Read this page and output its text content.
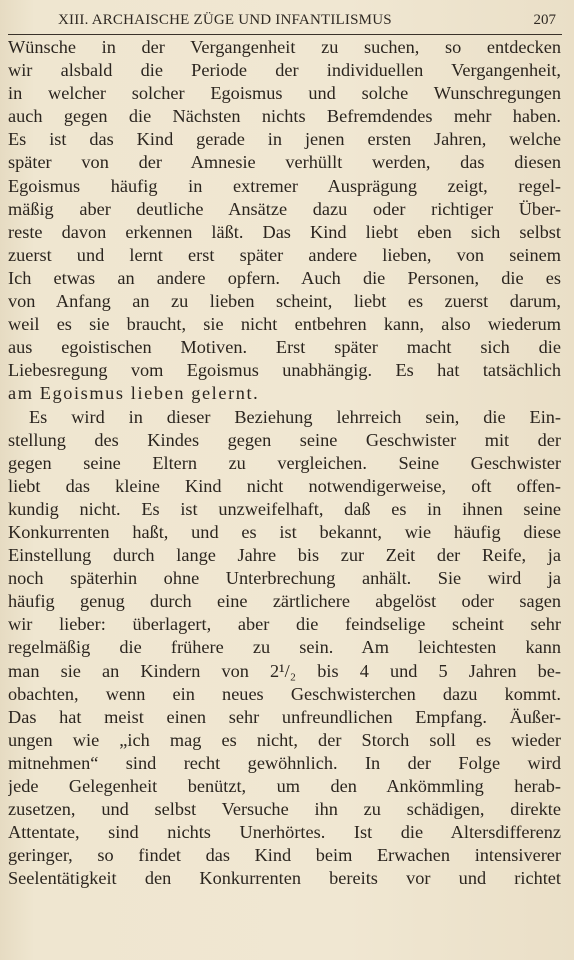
XIII. ARCHAISCHE ZÜGE UND INFANTILISMUS	207
Wünsche in der Vergangenheit zu suchen, so entdecken
wir alsbald die Periode der individuellen Vergangenheit,
in welcher solcher Egoismus und solche Wunschregungen
auch gegen die Nächsten nichts Befremdendes mehr haben.
Es ist das Kind gerade in jenen ersten Jahren, welche
später von der Amnesie verhüllt werden, das diesen
Egoismus häufig in extremer Ausprägung zeigt, regel-
mäßig aber deutliche Ansätze dazu oder richtiger Über-
reste davon erkennen läßt. Das Kind liebt eben sich selbst
zuerst und lernt erst später andere lieben, von seinem
Ich etwas an andere opfern. Auch die Personen, die es
von Anfang an zu lieben scheint, liebt es zuerst darum,
weil es sie braucht, sie nicht entbehren kann, also wiederum
aus egoistischen Motiven. Erst später macht sich die
Liebesregung vom Egoismus unabhängig. Es hat tatsächlich
am Egoismus lieben gelernt.
Es wird in dieser Beziehung lehrreich sein, die Ein-
stellung des Kindes gegen seine Geschwister mit der
gegen seine Eltern zu vergleichen. Seine Geschwister
liebt das kleine Kind nicht notwendigerweise, oft offen-
kundig nicht. Es ist unzweifelhaft, daß es in ihnen seine
Konkurrenten haßt, und es ist bekannt, wie häufig diese
Einstellung durch lange Jahre bis zur Zeit der Reife, ja
noch späterhin ohne Unterbrechung anhält. Sie wird ja
häufig genug durch eine zärtlichere abgelöst oder sagen
wir lieber: überlagert, aber die feindselige scheint sehr
regelmäßig die frühere zu sein. Am leichtesten kann
man sie an Kindern von 2¹/₂ bis 4 und 5 Jahren be-
obachten, wenn ein neues Geschwisterchen dazu kommt.
Das hat meist einen sehr unfreundlichen Empfang. Äußer-
ungen wie „ich mag es nicht, der Storch soll es wieder
mitnehmen“ sind recht gewöhnlich. In der Folge wird
jede Gelegenheit benützt, um den Ankömmling herab-
zusetzen, und selbst Versuche ihn zu schädigen, direkte
Attentate, sind nichts Unerhörtes. Ist die Altersdifferenz
geringer, so findet das Kind beim Erwachen intensiverer
Seelentätigkeit den Konkurrenten bereits vor und richtet
